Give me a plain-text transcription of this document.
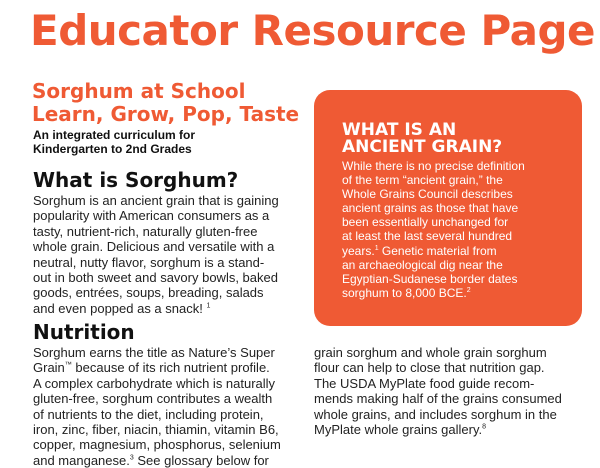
Educator Resource Page
Sorghum at School
Learn, Grow, Pop, Taste

An integrated curriculum for
Kindergarten to 2nd Grades

What is Sorghum?

Sorghum is an ancient grain that is gaining
popularity with American consumers as a
tasty, nutrient-rich, naturally gluten-free
whole grain. Delicious and versatile with a
neutral, nutty flavor, sorghum is a stand-
out in both sweet and savory bowls, baked
goods, entrées, soups, breading, salads
and even popped as a snack! $^1$

Nutrition

Sorghum earns the title as Nature’s Super
Grain™ because of its rich nutrient profile.
A complex carbohydrate which is naturally
gluten-free, sorghum contributes a wealth
of nutrients to the diet, including protein,
iron, zinc, fiber, niacin, thiamin, vitamin B6,
copper, magnesium, phosphorus, selenium
and manganese.$^3$ See glossary below for

grain sorghum and whole grain sorghum
flour can help to close that nutrition gap.
The USDA MyPlate food guide recom-
mends making half of the grains consumed
whole grains, and includes sorghum in the
MyPlate whole grains gallery.$^8$

WHAT IS AN
ANCIENT GRAIN?

While there is no precise definition
of the term “ancient grain,” the
Whole Grains Council describes
ancient grains as those that have
been essentially unchanged for
at least the last several hundred
years.$^1$ Genetic material from
an archaeological dig near the
Egyptian-Sudanese border dates
sorghum to 8,000 BCE.$^2$
